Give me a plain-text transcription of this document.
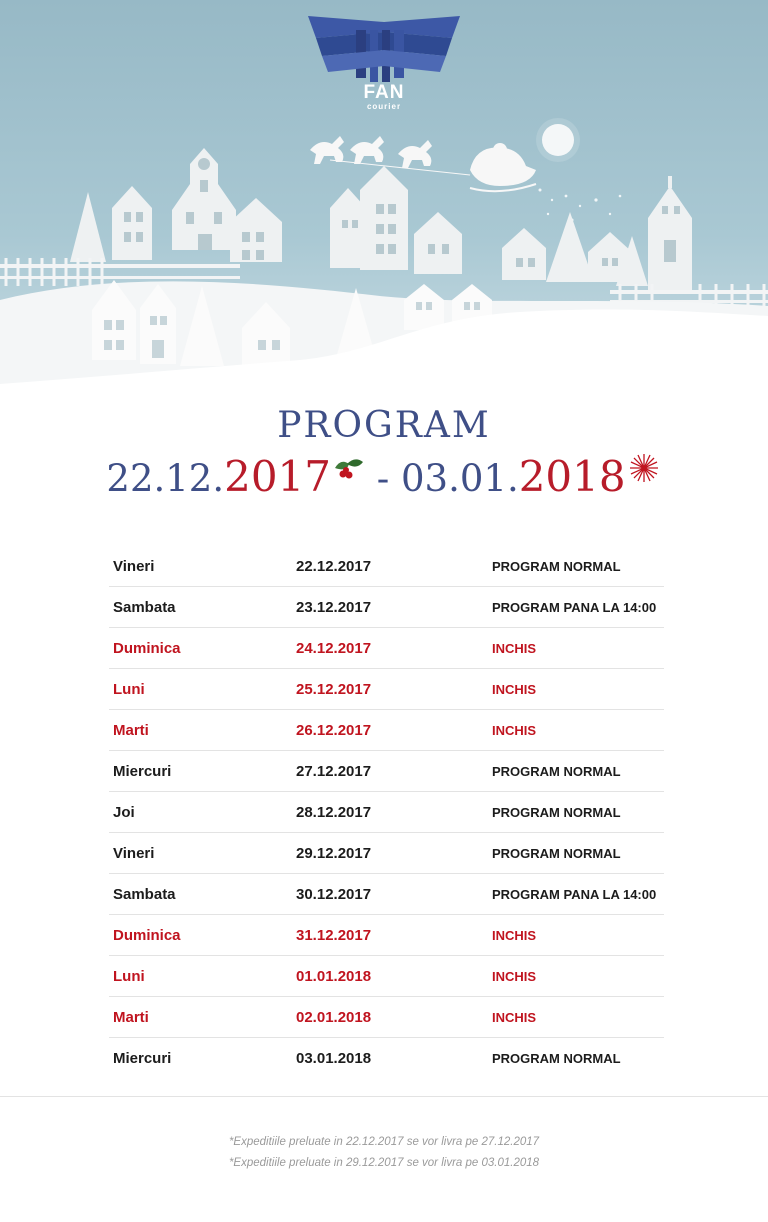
FAN
courier
PROGRAM
22.12.2017 - 03.01.2018
Vineri	22.12.2017	PROGRAM NORMAL
Sambata	23.12.2017	PROGRAM PANA LA 14:00
Duminica	24.12.2017	INCHIS
Luni	25.12.2017	INCHIS
Marti	26.12.2017	INCHIS
Miercuri	27.12.2017	PROGRAM NORMAL
Joi	28.12.2017	PROGRAM NORMAL
Vineri	29.12.2017	PROGRAM NORMAL
Sambata	30.12.2017	PROGRAM PANA LA 14:00
Duminica	31.12.2017	INCHIS
Luni	01.01.2018	INCHIS
Marti	02.01.2018	INCHIS
Miercuri	03.01.2018	PROGRAM NORMAL
*Expeditiile preluate in 22.12.2017 se vor livra pe 27.12.2017
*Expeditiile preluate in 29.12.2017 se vor livra pe 03.01.2018
